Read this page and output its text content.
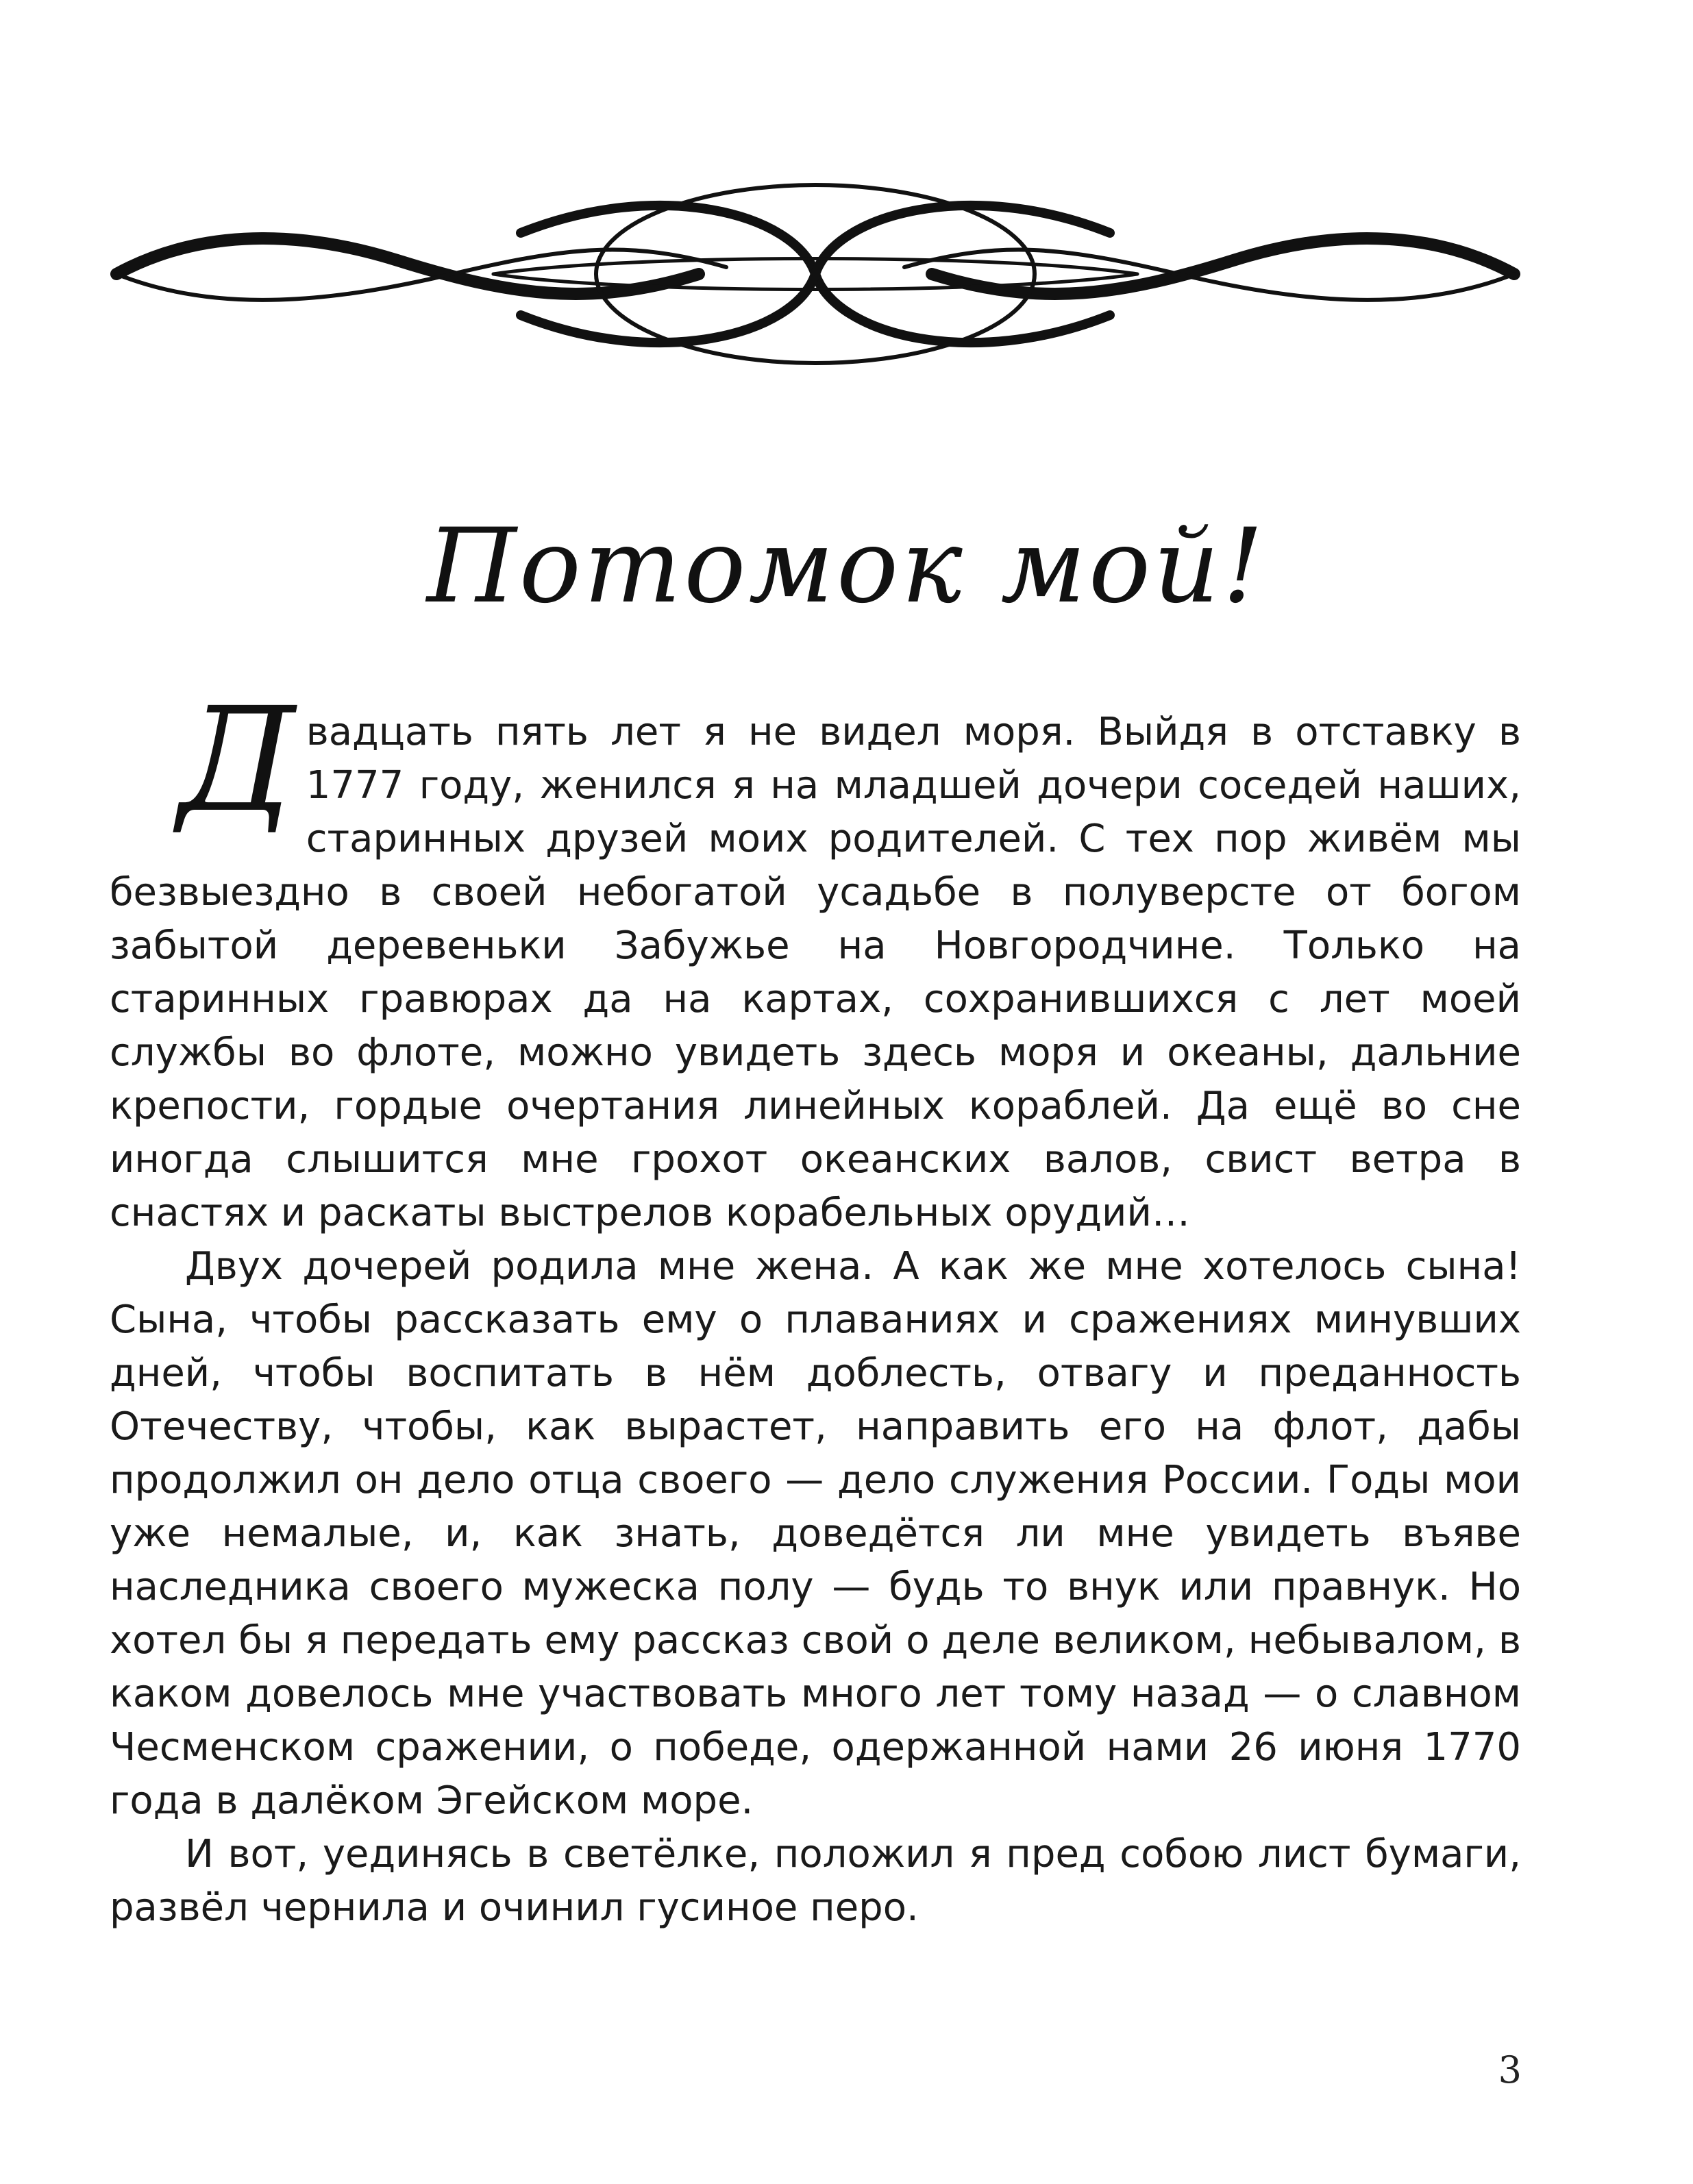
Потомок мой!

Д вадцать пять лет я не видел моря. Выйдя в отставку в 1777 году, женился я на младшей дочери соседей наших, старинных друзей моих родителей. С тех пор живём мы безвыездно в своей небогатой усадьбе в полуверсте от богом забытой деревеньки Забужье на Новгородчине. Только на старинных гравюрах да на картах, сохранившихся с лет моей службы во флоте, можно увидеть здесь моря и океаны, дальние крепости, гордые очертания линейных кораблей. Да ещё во сне иногда слышится мне грохот океанских валов, свист ветра в снастях и раскаты выстрелов корабельных орудий…

Двух дочерей родила мне жена. А как же мне хотелось сына! Сына, чтобы рассказать ему о плаваниях и сражениях минувших дней, чтобы воспитать в нём доблесть, отвагу и преданность Отечеству, чтобы, как вырастет, направить его на флот, дабы продолжил он дело отца своего — дело служения России. Годы мои уже немалые, и, как знать, доведётся ли мне увидеть въяве наследника своего мужеска полу — будь то внук или правнук. Но хотел бы я передать ему рассказ свой о деле великом, небывалом, в каком довелось мне участвовать много лет тому назад — о славном Чесменском сражении, о победе, одержанной нами 26 июня 1770 года в далёком Эгейском море.

И вот, уединясь в светёлке, положил я пред собою лист бумаги, развёл чернила и очинил гусиное перо.

3
